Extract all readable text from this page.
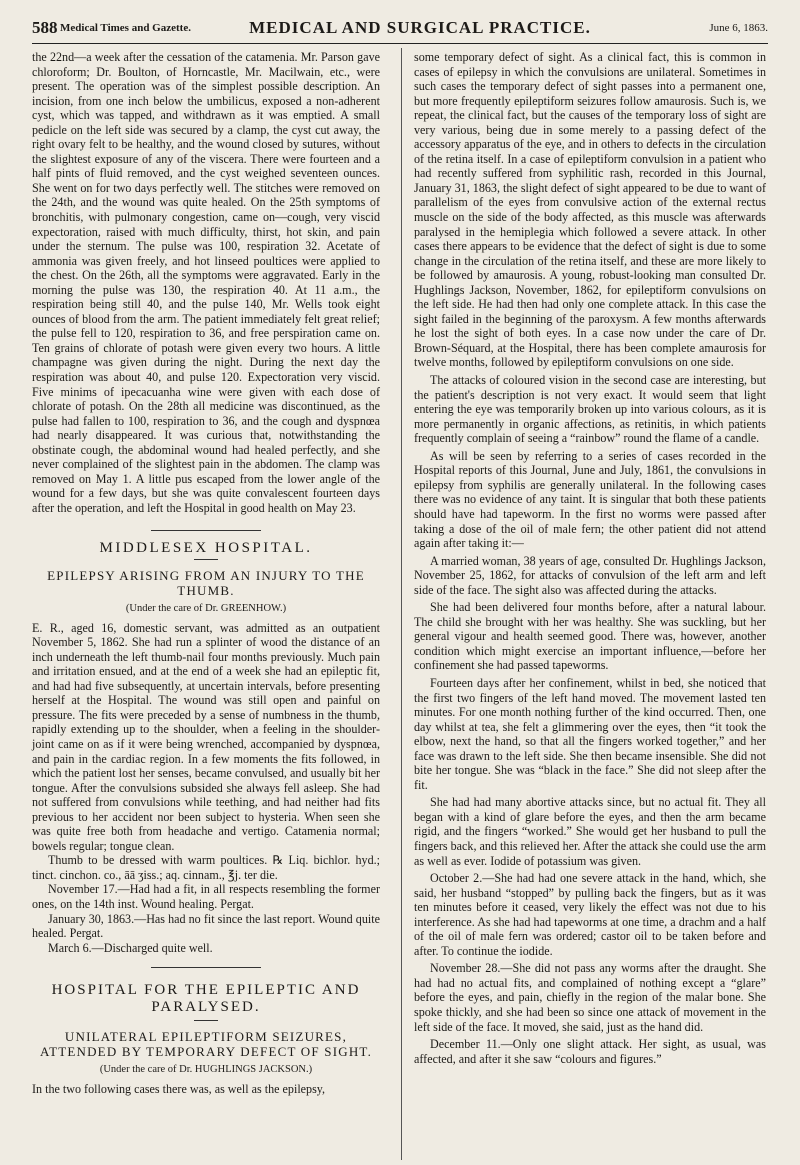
588 Medical Times and Gazette.	MEDICAL AND SURGICAL PRACTICE.	June 6, 1863.

the 22nd—a week after the cessation of the catamenia. Mr. Parson gave chloroform; Dr. Boulton, of Horncastle, Mr. Macilwain, etc., were present. The operation was of the simplest possible description. An incision, from one inch below the umbilicus, exposed a non-adherent cyst, which was tapped, and withdrawn as it was emptied. A small pedicle on the left side was secured by a clamp, the cyst cut away, the right ovary felt to be healthy, and the wound closed by sutures, without the slightest exposure of any of the viscera. There were fourteen and a half pints of fluid removed, and the cyst weighed seventeen ounces. She went on for two days perfectly well. The stitches were removed on the 24th, and the wound was quite healed. On the 25th symptoms of bronchitis, with pulmonary congestion, came on—cough, very viscid expectoration, raised with much difficulty, thirst, hot skin, and pain under the sternum. The pulse was 100, respiration 32. Acetate of ammonia was given freely, and hot linseed poultices were applied to the chest. On the 26th, all the symptoms were aggravated. Early in the morning the pulse was 130, the respiration 40. At 11 a.m., the respiration being still 40, and the pulse 140, Mr. Wells took eight ounces of blood from the arm. The patient immediately felt great relief; the pulse fell to 120, respiration to 36, and free perspiration came on. Ten grains of chlorate of potash were given every two hours. A little champagne was given during the night. During the next day the respiration was about 40, and pulse 120. Expectoration very viscid. Five minims of ipecacuanha wine were given with each dose of chlorate of potash. On the 28th all medicine was discontinued, as the pulse had fallen to 100, respiration to 36, and the cough and dyspnœa had nearly disappeared. It was curious that, notwithstanding the obstinate cough, the abdominal wound had healed perfectly, and she never complained of the slightest pain in the abdomen. The clamp was removed on May 1. A little pus escaped from the lower angle of the wound for a few days, but she was quite convalescent fourteen days after the operation, and left the Hospital in good health on May 23.

MIDDLESEX HOSPITAL.
EPILEPSY ARISING FROM AN INJURY TO THE THUMB.
(Under the care of Dr. GREENHOW.)

E. R., aged 16, domestic servant, was admitted as an outpatient November 5, 1862. She had run a splinter of wood the distance of an inch underneath the left thumb-nail four months previously. Much pain and irritation ensued, and at the end of a week she had an epileptic fit, and had had five subsequently, at uncertain intervals, before presenting herself at the Hospital. The wound was still open and painful on pressure. The fits were preceded by a sense of numbness in the thumb, rapidly extending up to the shoulder, when a feeling in the shoulder-joint came on as if it were being wrenched, accompanied by dyspnœa, and pain in the cardiac region. In a few moments the fits followed, in which the patient lost her senses, became convulsed, and usually bit her tongue. After the convulsions subsided she always fell asleep. She had not suffered from convulsions while teething, and had neither had fits previous to her accident nor been subject to hysteria. When seen she was quite free both from headache and vertigo. Catamenia normal; bowels regular; tongue clean.

Thumb to be dressed with warm poultices. ℞ Liq. bichlor. hyd.; tinct. cinchon. co., āā ʒiss.; aq. cinnam., ℥j. ter die.

November 17.—Had had a fit, in all respects resembling the former ones, on the 14th inst. Wound healing. Pergat.

January 30, 1863.—Has had no fit since the last report. Wound quite healed. Pergat.

March 6.—Discharged quite well.

HOSPITAL FOR THE EPILEPTIC AND
PARALYSED.
UNILATERAL EPILEPTIFORM SEIZURES, ATTENDED BY TEMPORARY DEFECT OF SIGHT.
(Under the care of Dr. HUGHLINGS JACKSON.)

In the two following cases there was, as well as the epilepsy,

some temporary defect of sight. As a clinical fact, this is common in cases of epilepsy in which the convulsions are unilateral. Sometimes in such cases the temporary defect of sight passes into a permanent one, but more frequently epileptiform seizures follow amaurosis. Such is, we repeat, the clinical fact, but the causes of the temporary loss of sight are very various, being due in some merely to a passing defect of the accessory apparatus of the eye, and in others to defects in the circulation of the retina itself. In a case of epileptiform convulsion in a patient who had recently suffered from syphilitic rash, recorded in this Journal, January 31, 1863, the slight defect of sight appeared to be due to want of parallelism of the eyes from convulsive action of the external rectus muscle on the side of the body affected, as this muscle was afterwards paralysed in the hemiplegia which followed a severe attack. In other cases there appears to be evidence that the defect of sight is due to some change in the circulation of the retina itself, and these are more likely to be followed by amaurosis. A young, robust-looking man consulted Dr. Hughlings Jackson, November, 1862, for epileptiform convulsions on the left side. He had then had only one complete attack. In this case the sight failed in the beginning of the paroxysm. A few months afterwards he lost the sight of both eyes. In a case now under the care of Dr. Brown-Séquard, at the Hospital, there has been complete amaurosis for twelve months, followed by epileptiform convulsions on one side.

The attacks of coloured vision in the second case are interesting, but the patient's description is not very exact. It would seem that light entering the eye was temporarily broken up into various colours, as it is more permanently in organic affections, as retinitis, in which patients frequently complain of seeing a “rainbow” round the flame of a candle.

As will be seen by referring to a series of cases recorded in the Hospital reports of this Journal, June and July, 1861, the convulsions in epilepsy from syphilis are generally unilateral. In the following cases there was no evidence of any taint. It is singular that both these patients should have had tapeworm. In the first no worms were passed after taking a dose of the oil of male fern; the other patient did not attend again after taking it:—

A married woman, 38 years of age, consulted Dr. Hughlings Jackson, November 25, 1862, for attacks of convulsion of the left arm and left side of the face. The sight also was affected during the attacks.

She had been delivered four months before, after a natural labour. The child she brought with her was healthy. She was suckling, but her general vigour and health seemed good. There was, however, another condition which might exercise an important influence,—before her confinement she had passed tapeworms.

Fourteen days after her confinement, whilst in bed, she noticed that the first two fingers of the left hand moved. The movement lasted ten minutes. For one month nothing further of the kind occurred. Then, one day whilst at tea, she felt a glimmering over the eyes, then “it took the elbow, next the hand, so that all the fingers worked together,” and her face was drawn to the left side. She then became insensible. She did not bite her tongue. She was “black in the face.” She did not sleep after the fit.

She had had many abortive attacks since, but no actual fit. They all began with a kind of glare before the eyes, and then the arm became rigid, and the fingers “worked.” She would get her husband to pull the fingers back, and this relieved her. After the attack she could use the arm as well as ever. Iodide of potassium was given.

October 2.—She had had one severe attack in the hand, which, she said, her husband “stopped” by pulling back the fingers, but as it was ten minutes before it ceased, very likely the effect was not due to his interference. As she had had tapeworms at one time, a drachm and a half of the oil of male fern was ordered; castor oil to be taken before and after. To continue the iodide.

November 28.—She did not pass any worms after the draught. She had had no actual fits, and complained of nothing except a “glare” before the eyes, and pain, chiefly in the region of the malar bone. She spoke thickly, and she had been so since one attack of movement in the left side of the face. It moved, she said, just as the hand did.

December 11.—Only one slight attack. Her sight, as usual, was affected, and after it she saw “colours and figures.”
